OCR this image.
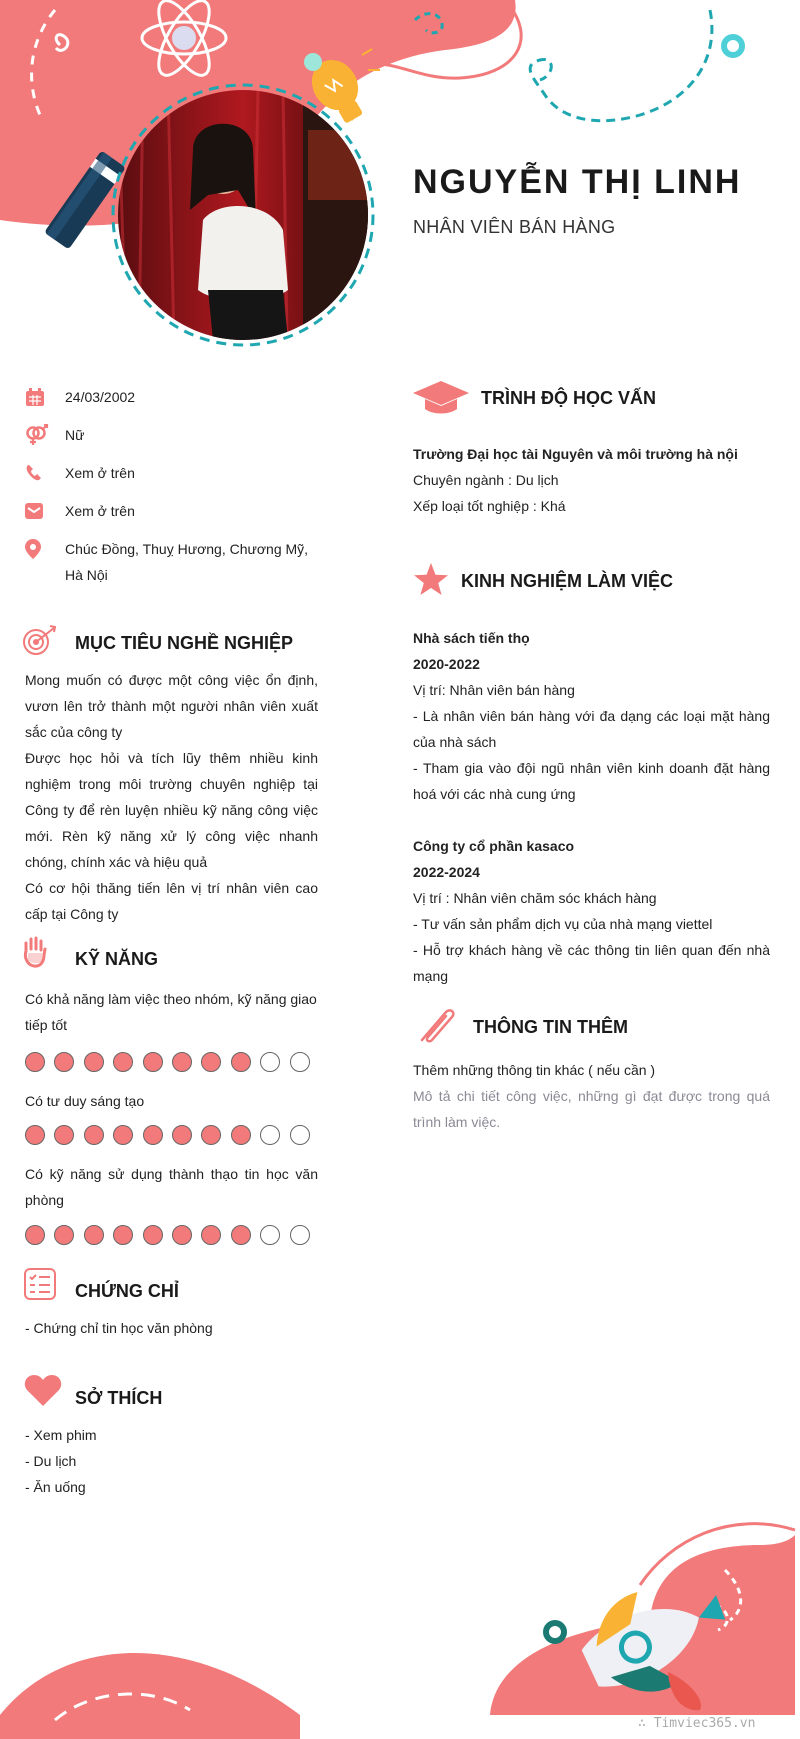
NGUYỄN THỊ LINH
NHÂN VIÊN BÁN HÀNG
24/03/2002
Nữ
Xem ở trên
Xem ở trên
Chúc Đồng, Thuỵ Hương, Chương Mỹ, Hà Nội
MỤC TIÊU NGHỀ NGHIỆP
Mong muốn có được một công việc ổn định, vươn lên trở thành một người nhân viên xuất sắc của công ty
Được học hỏi và tích lũy thêm nhiều kinh nghiệm trong môi trường chuyên nghiệp tại Công ty để rèn luyện nhiều kỹ năng công việc mới. Rèn kỹ năng xử lý công việc nhanh chóng, chính xác và hiệu quả
Có cơ hội thăng tiến lên vị trí nhân viên cao cấp tại Công ty
KỸ NĂNG
Có khả năng làm việc theo nhóm, kỹ năng giao tiếp tốt
Có tư duy sáng tạo
Có kỹ năng sử dụng thành thạo tin học văn phòng
CHỨNG CHỈ
- Chứng chỉ tin học văn phòng
SỞ THÍCH
- Xem phim
- Du lịch
- Ăn uống
TRÌNH ĐỘ HỌC VẤN
Trường Đại học tài Nguyên và môi trường hà nội
Chuyên ngành : Du lịch
Xếp loại tốt nghiệp : Khá
KINH NGHIỆM LÀM VIỆC
Nhà sách tiến thọ
2020-2022
Vị trí: Nhân viên bán hàng
- Là nhân viên bán hàng với đa dạng các loại mặt hàng của nhà sách
- Tham gia vào đội ngũ nhân viên kinh doanh đặt hàng hoá với các nhà cung ứng
Công ty cổ phần kasaco
2022-2024
Vị trí : Nhân viên chăm sóc khách hàng
- Tư vấn sản phẩm dịch vụ của nhà mạng viettel
- Hỗ trợ khách hàng về các thông tin liên quan đến nhà mạng
THÔNG TIN THÊM
Thêm những thông tin khác ( nếu cần )
Mô tả chi tiết công việc, những gì đạt được trong quá trình làm việc.
∴ Timviec365.vn
